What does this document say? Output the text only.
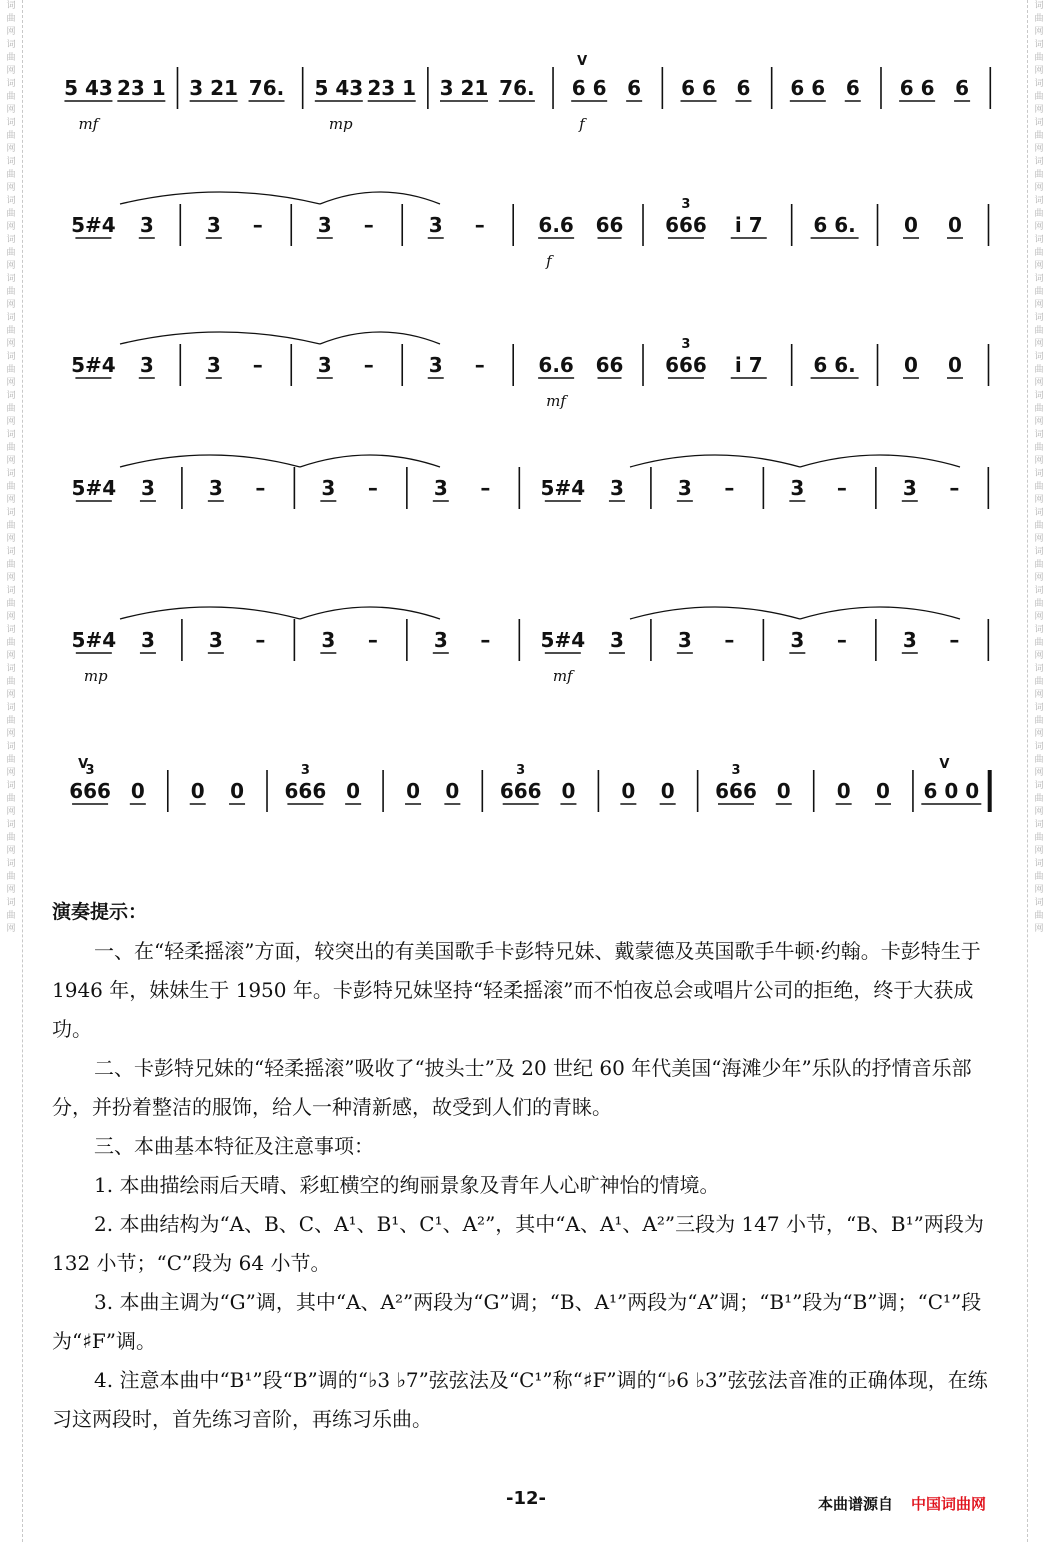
词
曲
网
词
曲
网
词
曲
网
词
曲
网
词
曲
网
词
曲
网
词
曲
网
词
曲
网
词
曲
网
词
曲
网
词
曲
网
词
曲
网
词
曲
网
词
曲
网
词
曲
网
词
曲
网
词
曲
网
词
曲
网
词
曲
网
词
曲
网
词
曲
网
词
曲
网
词
曲
网
词
曲
网
词
曲
网
词
曲
网
词
曲
网
词
曲
网
词
曲
网
词
曲
网
词
曲
网
词
曲
网
词
曲
网
词
曲
网
词
曲
网
词
曲
网
词
曲
网
词
曲
网
词
曲
网
词
曲
网
词
曲
网
词
曲
网
词
曲
网
词
曲
网
词
曲
网
词
曲
网
词
曲
网
词
曲
网
5 43
mf
23 1 3 21 76. 5 43
mp
23 1 3 21 76. 6 6
f
V
6 6 6 6 6 6 6 6 6 6
5#4 3	3 –	3 –	3 –	6.6
f
66 666
3
i 7	6 6. 0 0
5#4 3	3 –	3 –	3 –	6.6
mf
66 666
3
i 7	6 6. 0 0
5#4 3	3 –	3 –	3 –	5#4 3	3 –	3 –	3 –
5#4
mp
3	3 –	3 –	3 –	5#4
mf
3	3 –	3 –	3 –
666
3
V
0 0 0 666
3
0 0 0 666
3
0 0 0 666
3
0 0 0 6 0 0
V

演奏提示：

一、在“轻柔摇滚”方面，较突出的有美国歌手卡彭特兄妹、戴蒙德及英国歌手牛顿·约翰。卡彭特生于 1946 年，妹妹生于 1950 年。卡彭特兄妹坚持“轻柔摇滚”而不怕夜总会或唱片公司的拒绝，终于大获成功。

二、卡彭特兄妹的“轻柔摇滚”吸收了“披头士”及 20 世纪 60 年代美国“海滩少年”乐队的抒情音乐部分，并扮着整洁的服饰，给人一种清新感，故受到人们的青睐。

三、本曲基本特征及注意事项：

1. 本曲描绘雨后天晴、彩虹横空的绚丽景象及青年人心旷神怡的情境。

2. 本曲结构为“A、B、C、A¹、B¹、C¹、A²”，其中“A、A¹、A²”三段为 147 小节，“B、B¹”两段为 132 小节；“C”段为 64 小节。

3. 本曲主调为“G”调，其中“A、A²”两段为“G”调；“B、A¹”两段为“A”调；“B¹”段为“B”调；“C¹”段为“♯F”调。

4. 注意本曲中“B¹”段“B”调的“♭3 ♭7”弦弦法及“C¹”称“♯F”调的“♭6 ♭3”弦弦法音准的正确体现，在练习这两段时，首先练习音阶，再练习乐曲。

-12-	本曲谱源自 中国词曲网
